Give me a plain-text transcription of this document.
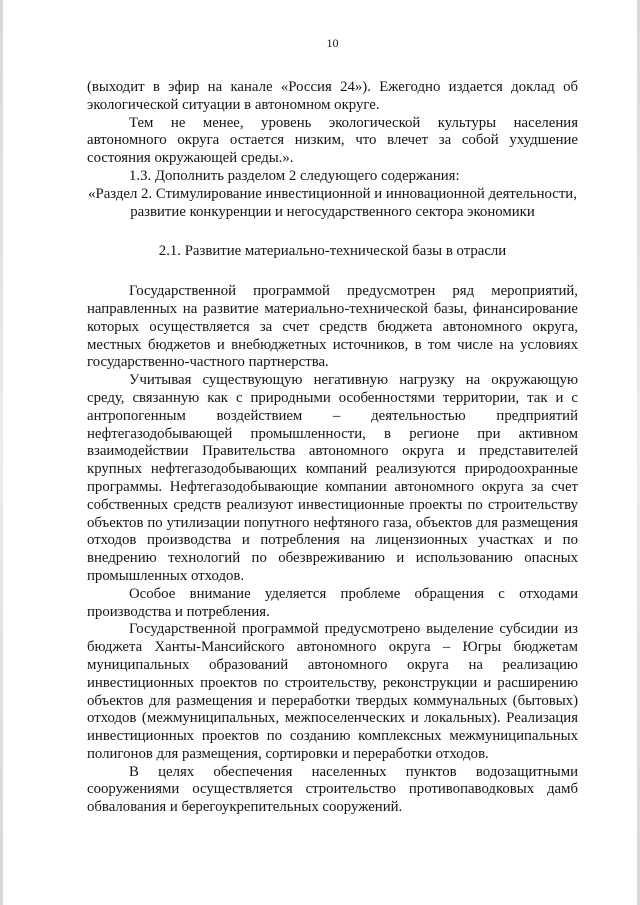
10

(выходит в эфир на канале «Россия 24»). Ежегодно издается доклад об экологической ситуации в автономном округе.

Тем не менее, уровень экологической культуры населения автономного округа остается низким, что влечет за собой ухудшение состояния окружающей среды.».

1.3. Дополнить разделом 2 следующего содержания:

«Раздел 2. Стимулирование инвестиционной и инновационной деятельности, развитие конкуренции и негосударственного сектора экономики

2.1. Развитие материально-технической базы в отрасли

Государственной программой предусмотрен ряд мероприятий, направленных на развитие материально-технической базы, финансирование которых осуществляется за счет средств бюджета автономного округа, местных бюджетов и внебюджетных источников, в том числе на условиях государственно-частного партнерства.

Учитывая существующую негативную нагрузку на окружающую среду, связанную как с природными особенностями территории, так и с антропогенным воздействием – деятельностью предприятий нефтегазодобывающей промышленности, в регионе при активном взаимодействии Правительства автономного округа и представителей крупных нефтегазодобывающих компаний реализуются природоохранные программы. Нефтегазодобывающие компании автономного округа за счет собственных средств реализуют инвестиционные проекты по строительству объектов по утилизации попутного нефтяного газа, объектов для размещения отходов производства и потребления на лицензионных участках и по внедрению технологий по обезвреживанию и использованию опасных промышленных отходов.

Особое внимание уделяется проблеме обращения с отходами производства и потребления.

Государственной программой предусмотрено выделение субсидии из бюджета Ханты-Мансийского автономного округа – Югры бюджетам муниципальных образований автономного округа на реализацию инвестиционных проектов по строительству, реконструкции и расширению объектов для размещения и переработки твердых коммунальных (бытовых) отходов (межмуниципальных, межпоселенческих и локальных). Реализация инвестиционных проектов по созданию комплексных межмуниципальных полигонов для размещения, сортировки и переработки отходов.

В целях обеспечения населенных пунктов водозащитными сооружениями осуществляется строительство противопаводковых дамб обвалования и берегоукрепительных сооружений.
